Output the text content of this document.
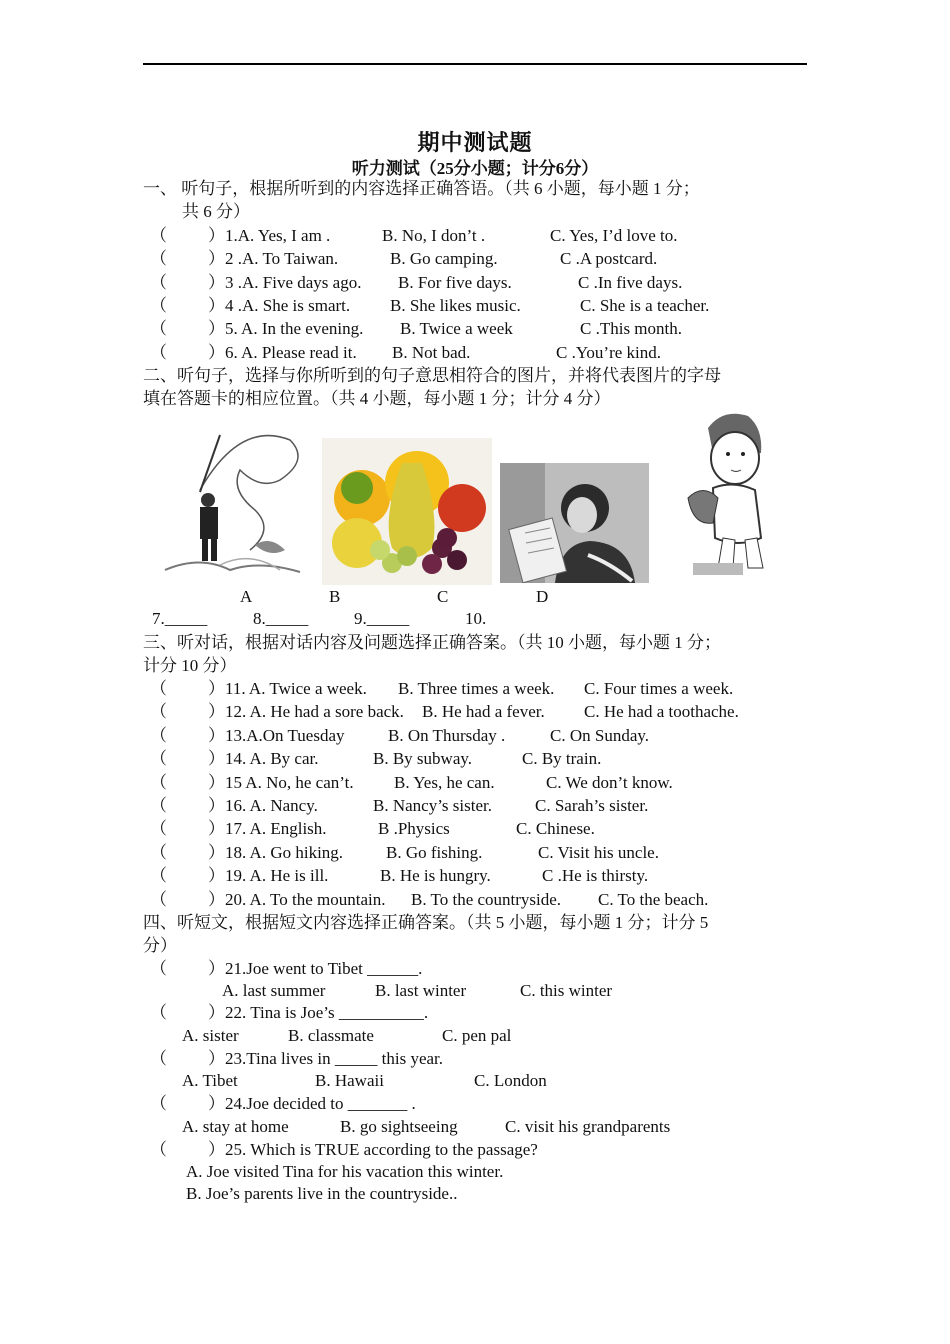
期中测试题
听力测试（25分小题；计分6分）
一、 听句子，根据所听到的内容选择正确答语。（共 6 小题，每小题 1 分；
共 6 分）
（ ）1.A. Yes, I am .	B. No, I don’t .	C. Yes, I’d love to.
（ ）2 .A. To Taiwan.	B. Go camping.	C .A postcard.
（ ）3 .A. Five days ago. B. For five days.	C .In five days.
（ ）4 .A. She is smart. B. She likes music.	C. She is a teacher.
（ ）5. A. In the evening. B. Twice a week	C .This month.
（ ）6. A. Please read it. B. Not bad.	C .You’re kind.
二、听句子，选择与你所听到的句子意思相符合的图片，并将代表图片的字母
填在答题卡的相应位置。（共 4 小题，每小题 1 分；计分 4 分）
A	B	C	D
7._____	8._____	9._____	10.
三、听对话，根据对话内容及问题选择正确答案。（共 10 小题，每小题 1 分；
计分 10 分）
（ ）11. A. Twice a week. B. Three times a week. C. Four times a week.
（ ）12. A. He had a sore back. B. He had a fever. C. He had a toothache.
（ ）13.A.On Tuesday	B. On Thursday .	C. On Sunday.
（ ）14. A. By car.	B. By subway.	C. By train.
（ ）15 A. No, he can’t. B. Yes, he can.	C. We don’t know.
（ ）16. A. Nancy.	B. Nancy’s sister.	C. Sarah’s sister.
（ ）17. A. English.	B .Physics	C. Chinese.
（ ）18. A. Go hiking.	B. Go fishing.	C. Visit his uncle.
（ ）19. A. He is ill.	B. He is hungry.	C .He is thirsty.
（ ）20. A. To the mountain. B. To the countryside. C. To the beach.
四、听短文，根据短文内容选择正确答案。（共 5 小题，每小题 1 分；计分 5
分）
（ ）21.Joe went to Tibet ______.
A. last summer	B. last winter	C. this winter
（ ）22. Tina is Joe’s __________.
A. sister	B. classmate	C. pen pal
（ ）23.Tina lives in _____ this year.
A. Tibet	B. Hawaii	C. London
（ ）24.Joe decided to _______ .
A. stay at home	B. go sightseeing	C. visit his grandparents
（ ）25. Which is TRUE according to the passage?
A. Joe visited Tina for his vacation this winter.
B. Joe’s parents live in the countryside..
